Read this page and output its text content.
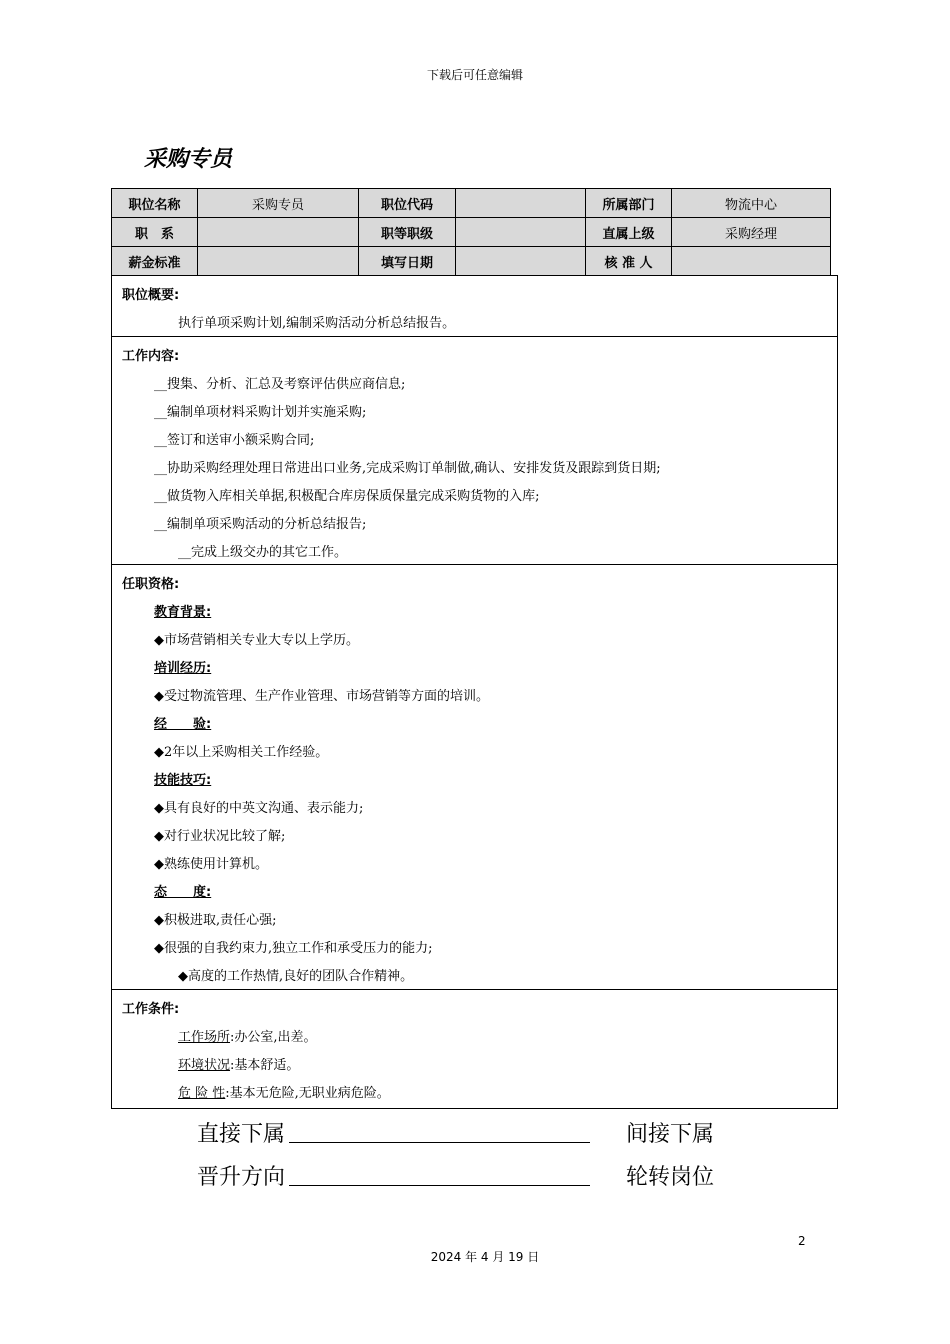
下载后可任意编辑
采购专员
职位名称	采购专员	职位代码		所属部门	物流中心
职　系		职等职级		直属上级	采购经理
薪金标准		填写日期		核 准 人	
职位概要:
执行单项采购计划,编制采购活动分析总结报告。
工作内容:
__搜集、分析、汇总及考察评估供应商信息;
__编制单项材料采购计划并实施采购;
__签订和送审小额采购合同;
__协助采购经理处理日常进出口业务,完成采购订单制做,确认、安排发货及跟踪到货日期;
__做货物入库相关单据,积极配合库房保质保量完成采购货物的入库;
__编制单项采购活动的分析总结报告;
__完成上级交办的其它工作。
任职资格:
教育背景:
◆市场营销相关专业大专以上学历。
培训经历:
◆受过物流管理、生产作业管理、市场营销等方面的培训。
经　　验:
◆2年以上采购相关工作经验。
技能技巧:
◆具有良好的中英文沟通、表示能力;
◆对行业状况比较了解;
◆熟练使用计算机。
态　　度:
◆积极进取,责任心强;
◆很强的自我约束力,独立工作和承受压力的能力;
◆高度的工作热情,良好的团队合作精神。
工作条件:
工作场所:办公室,出差。
环境状况:基本舒适。
危 险 性:基本无危险,无职业病危险。
直接下属	间接下属
晋升方向	轮转岗位
2
2024 年 4 月 19 日
